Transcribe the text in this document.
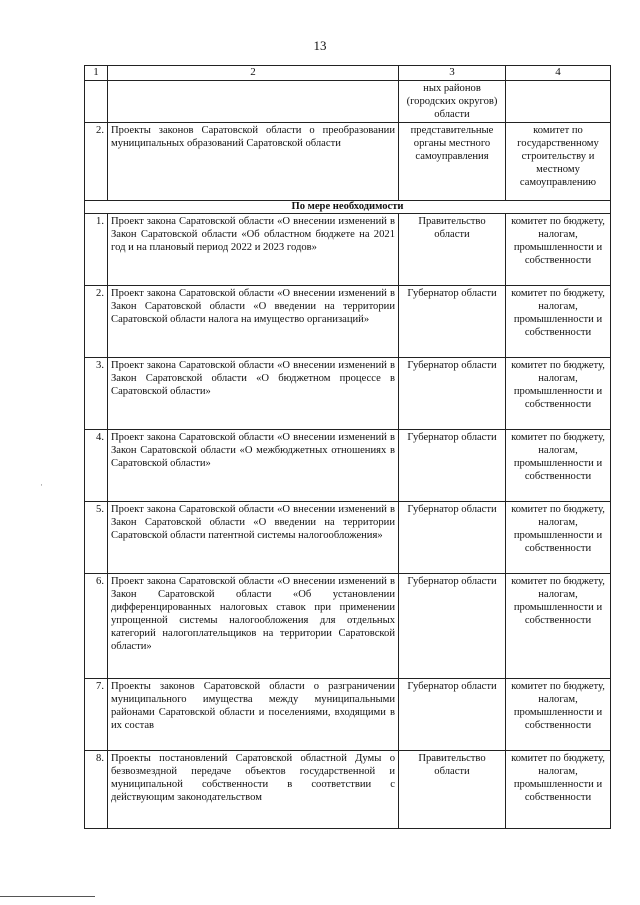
13
1	2	3	4
		ных районов (городских округов) области	
2.	Проекты законов Саратовской области о преобразовании муниципальных образований Саратовской области	представительные органы местного самоуправления	комитет по государственному строительству и местному самоуправлению
По мере необходимости			
1.	Проект закона Саратовской области «О внесении изменений в Закон Саратовской области «Об областном бюджете на 2021 год и на плановый период 2022 и 2023 годов»	Правительство области	комитет по бюджету, налогам, промышленности и собственности
2.	Проект закона Саратовской области «О внесении изменений в Закон Саратовской области «О введении на территории Саратовской области налога на имущество организаций»	Губернатор области	комитет по бюджету, налогам, промышленности и собственности
3.	Проект закона Саратовской области «О внесении изменений в Закон Саратовской области «О бюджетном процессе в Саратовской области»	Губернатор области	комитет по бюджету, налогам, промышленности и собственности
4.	Проект закона Саратовской области «О внесении изменений в Закон Саратовской области «О межбюджетных отношениях в Саратовской области»	Губернатор области	комитет по бюджету, налогам, промышленности и собственности
5.	Проект закона Саратовской области «О внесении изменений в Закон Саратовской области «О введении на территории Саратовской области патентной системы налогообложения»	Губернатор области	комитет по бюджету, налогам, промышленности и собственности
6.	Проект закона Саратовской области «О внесении изменений в Закон Саратовской области «Об установлении дифференцированных налоговых ставок при применении упрощенной системы налогообложения для отдельных категорий налогоплательщиков на территории Саратовской области»	Губернатор области	комитет по бюджету, налогам, промышленности и собственности
7.	Проекты законов Саратовской области о разграничении муниципального имущества между муниципальными районами Саратовской области и поселениями, входящими в их состав	Губернатор области	комитет по бюджету, налогам, промышленности и собственности
8.	Проекты постановлений Саратовской областной Думы о безвозмездной передаче объектов государственной и муниципальной собственности в соответствии с действующим законодательством	Правительство области	комитет по бюджету, налогам, промышленности и собственности
·
